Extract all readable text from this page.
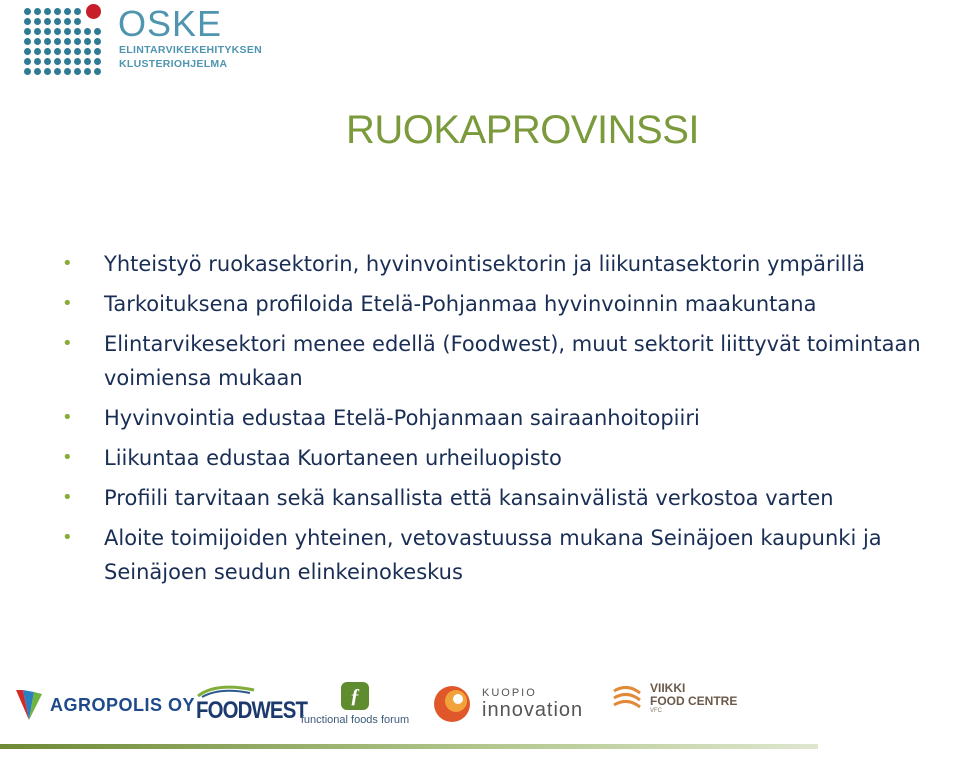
OSKE
ELINTARVIKEKEHITYKSEN
KLUSTERIOHJELMA
RUOKAPROVINSSI
• Yhteistyö ruokasektorin, hyvinvointisektorin ja liikuntasektorin ympärillä
• Tarkoituksena profiloida Etelä-Pohjanmaa hyvinvoinnin maakuntana
• Elintarvikesektori menee edellä (Foodwest), muut sektorit liittyvät toimintaan voimiensa mukaan
• Hyvinvointia edustaa Etelä-Pohjanmaan sairaanhoitopiiri
• Liikuntaa edustaa Kuortaneen urheiluopisto
• Profiili tarvitaan sekä kansallista että kansainvälistä verkostoa varten
• Aloite toimijoiden yhteinen, vetovastuussa mukana Seinäjoen kaupunki ja Seinäjoen seudun elinkeinokeskus
AGROPOLIS OY FOODWEST
ƒ
functional foods forum
KUOPIO
innovation
VIIKKI
FOOD CENTRE
VFC
